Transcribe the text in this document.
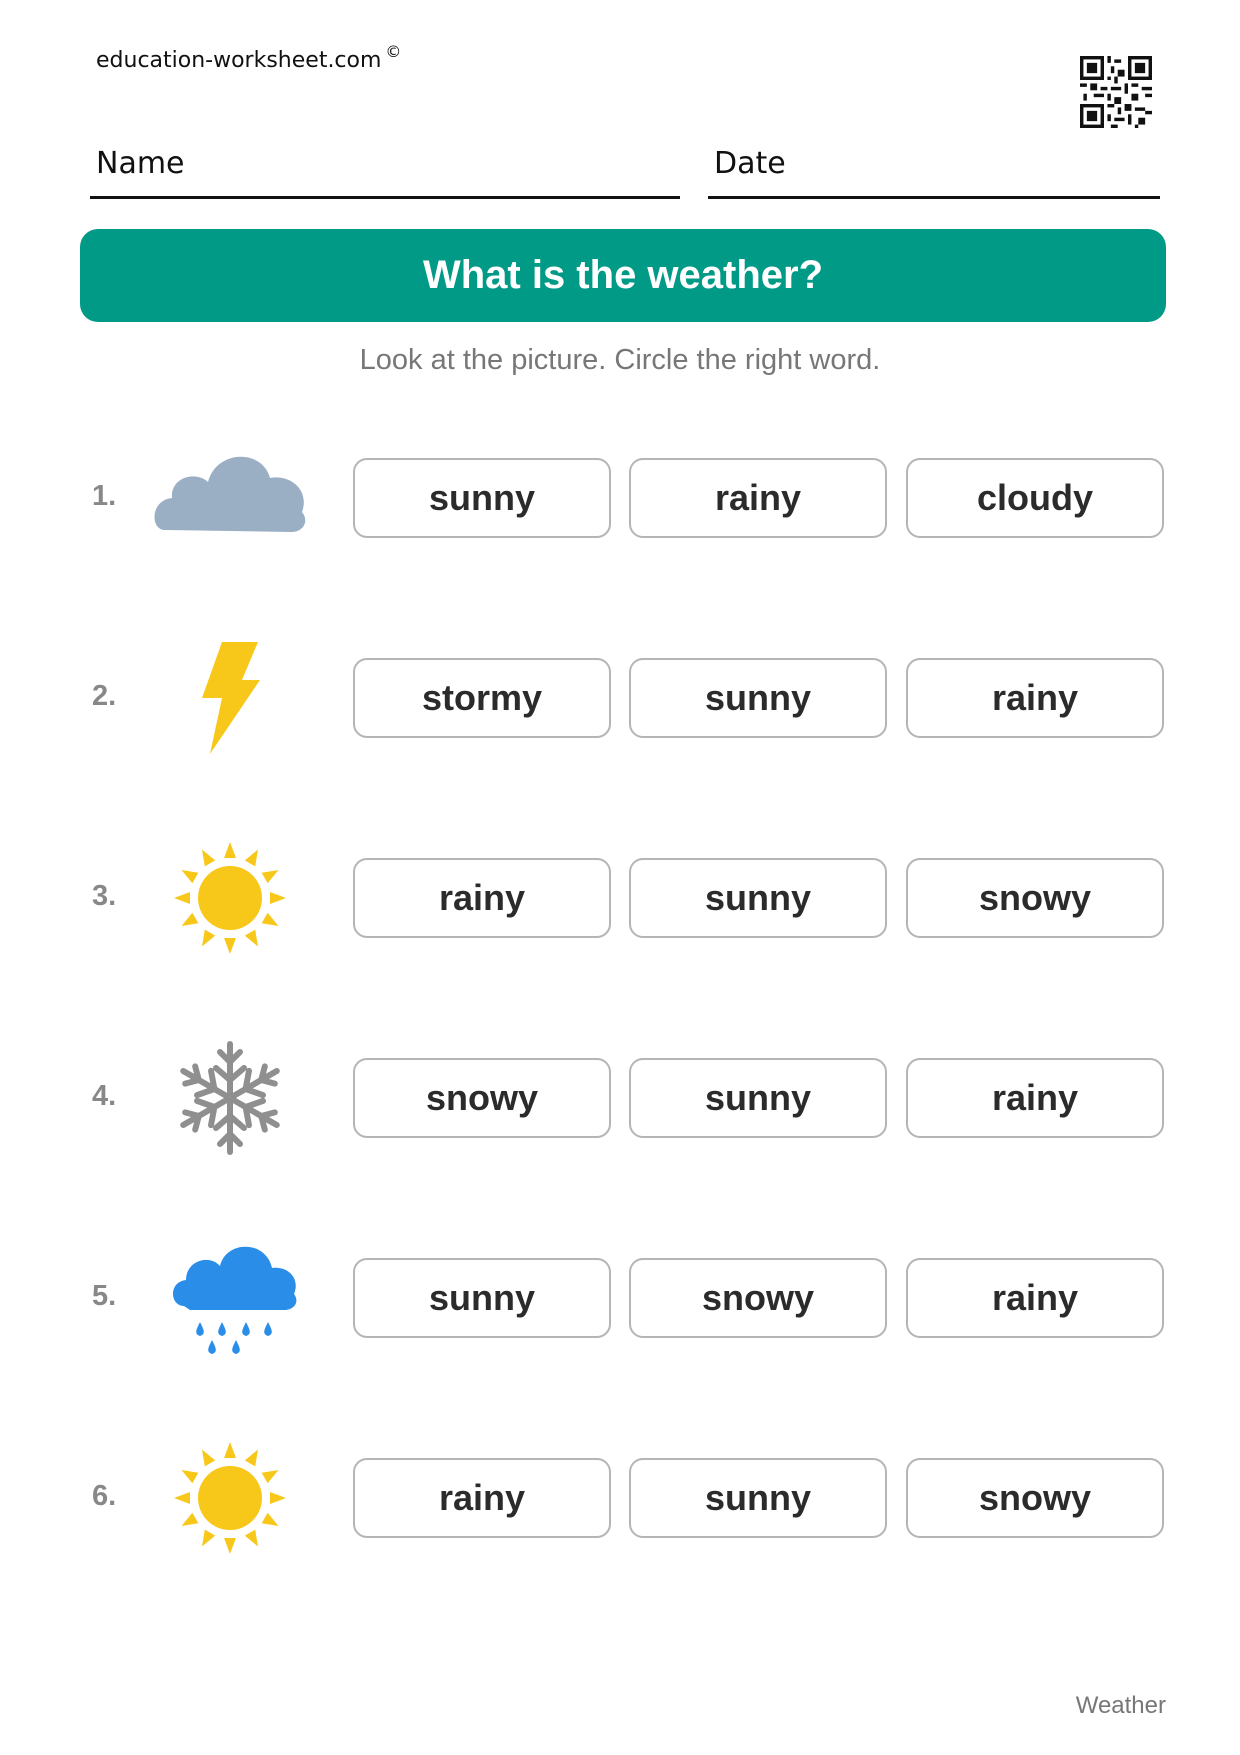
education-worksheet.com ©
Name	Date
What is the weather?
Look at the picture. Circle the right word.
1.	sunny	rainy	cloudy
2.	stormy	sunny	rainy
3.	rainy	sunny	snowy
4.	snowy	sunny	rainy
5.	sunny	snowy	rainy
6.	rainy	sunny	snowy
Weather
